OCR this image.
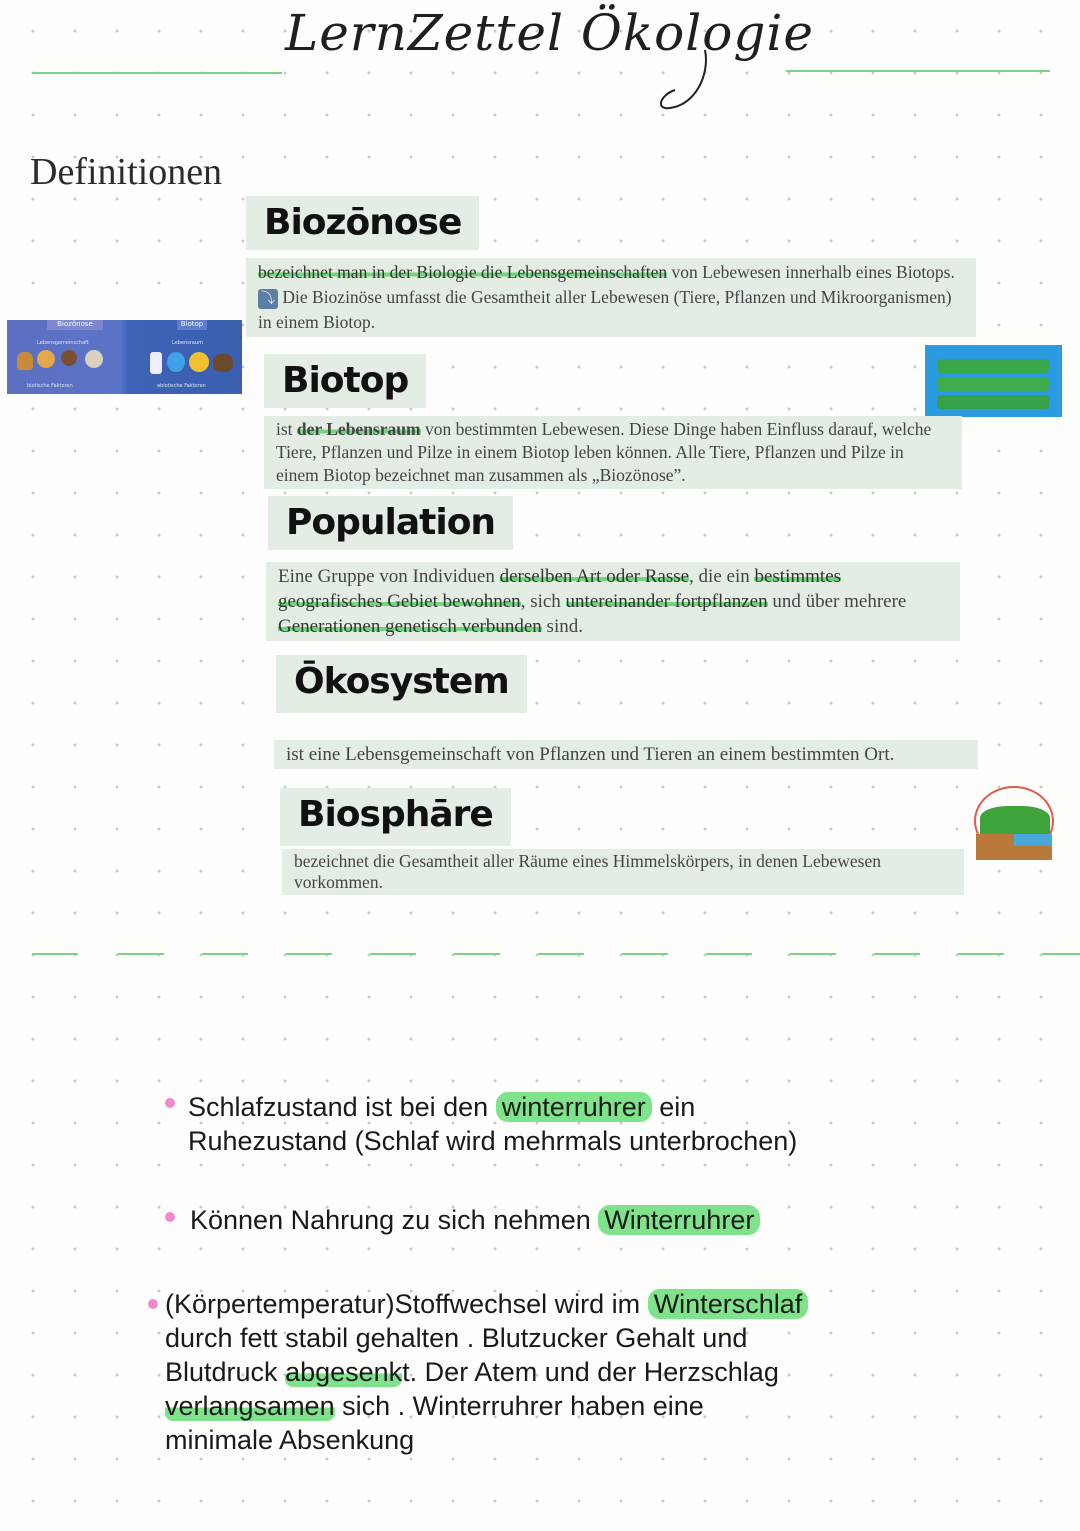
LernZettel Ökologie
Definitionen
Biozōnose
bezeichnet man in der Biologie die Lebensgemeinschaften von Lebewesen innerhalb eines Biotops. ⤵ Die Biozinöse umfasst die Gesamtheit aller Lebewesen (Tiere, Pflanzen und Mikroorganismen) in einem Biotop.
Biozönose	Biotop
Lebensgemeinschaft	Lebensraum
biotische Faktoren	abiotische Faktoren	Biotop
ist der Lebensraum von bestimmten Lebewesen. Diese Dinge haben Einfluss darauf, welche Tiere, Pflanzen und Pilze in einem Biotop leben können. Alle Tiere, Pflanzen und Pilze in einem Biotop bezeichnet man zusammen als „Biozönose”.
Population
Eine Gruppe von Individuen derselben Art oder Rasse, die ein bestimmtes geografisches Gebiet bewohnen, sich untereinander fortpflanzen und über mehrere Generationen genetisch verbunden sind.
Ōkosystem
ist eine Lebensgemeinschaft von Pflanzen und Tieren an einem bestimmten Ort.
Biosphāre
bezeichnet die Gesamtheit aller Räume eines Himmelskörpers, in denen Lebewesen vorkommen.
Schlafzustand ist bei den winterruhrer ein
Ruhezustand (Schlaf wird mehrmals unterbrochen)
Können Nahrung zu sich nehmen Winterruhrer
(Körpertemperatur)Stoffwechsel wird im Winterschlaf
durch fett stabil gehalten . Blutzucker Gehalt und
Blutdruck abgesenkt. Der Atem und der Herzschlag
verlangsamen sich . Winterruhrer haben eine
minimale Absenkung
